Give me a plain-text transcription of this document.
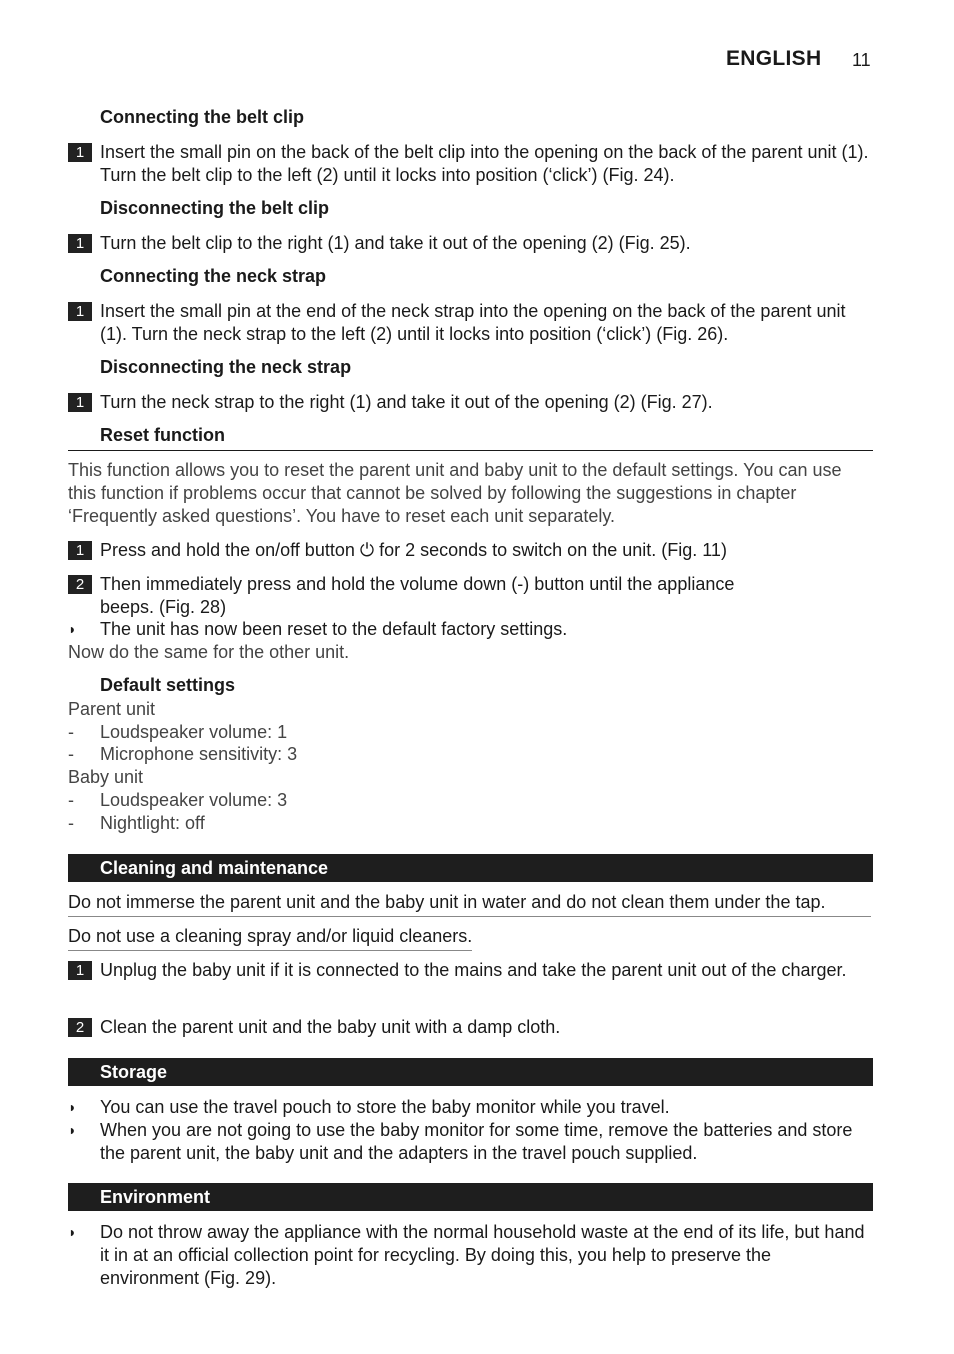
ENGLISH 11
Connecting the belt clip
1 Insert the small pin on the back of the belt clip into the opening on the back of the parent unit (1). Turn the belt clip to the left (2) until it locks into position (‘click’) (Fig. 24).
Disconnecting the belt clip
1 Turn the belt clip to the right (1) and take it out of the opening (2) (Fig. 25).
Connecting the neck strap
1 Insert the small pin at the end of the neck strap into the opening on the back of the parent unit (1). Turn the neck strap to the left (2) until it locks into position (‘click’) (Fig. 26).
Disconnecting the neck strap
1 Turn the neck strap to the right (1) and take it out of the opening (2) (Fig. 27).
Reset function
This function allows you to reset the parent unit and baby unit to the default settings. You can use this function if problems occur that cannot be solved by following the suggestions in chapter ‘Frequently asked questions’. You have to reset each unit separately.
1 Press and hold the on/off button ⏻ for 2 seconds to switch on the unit. (Fig. 11)
2 Then immediately press and hold the volume down (-) button until the appliance beeps. (Fig. 28)
◗ The unit has now been reset to the default factory settings.
Now do the same for the other unit.
Default settings
Parent unit
- Loudspeaker volume: 1
- Microphone sensitivity: 3
Baby unit
- Loudspeaker volume: 3
- Nightlight: off
Cleaning and maintenance
Do not immerse the parent unit and the baby unit in water and do not clean them under the tap.
Do not use a cleaning spray and/or liquid cleaners.
1 Unplug the baby unit if it is connected to the mains and take the parent unit out of the charger.
2 Clean the parent unit and the baby unit with a damp cloth.
Storage
◗ You can use the travel pouch to store the baby monitor while you travel.
◗ When you are not going to use the baby monitor for some time, remove the batteries and store the parent unit, the baby unit and the adapters in the travel pouch supplied.
Environment
◗ Do not throw away the appliance with the normal household waste at the end of its life, but hand it in at an official collection point for recycling. By doing this, you help to preserve the environment (Fig. 29).
